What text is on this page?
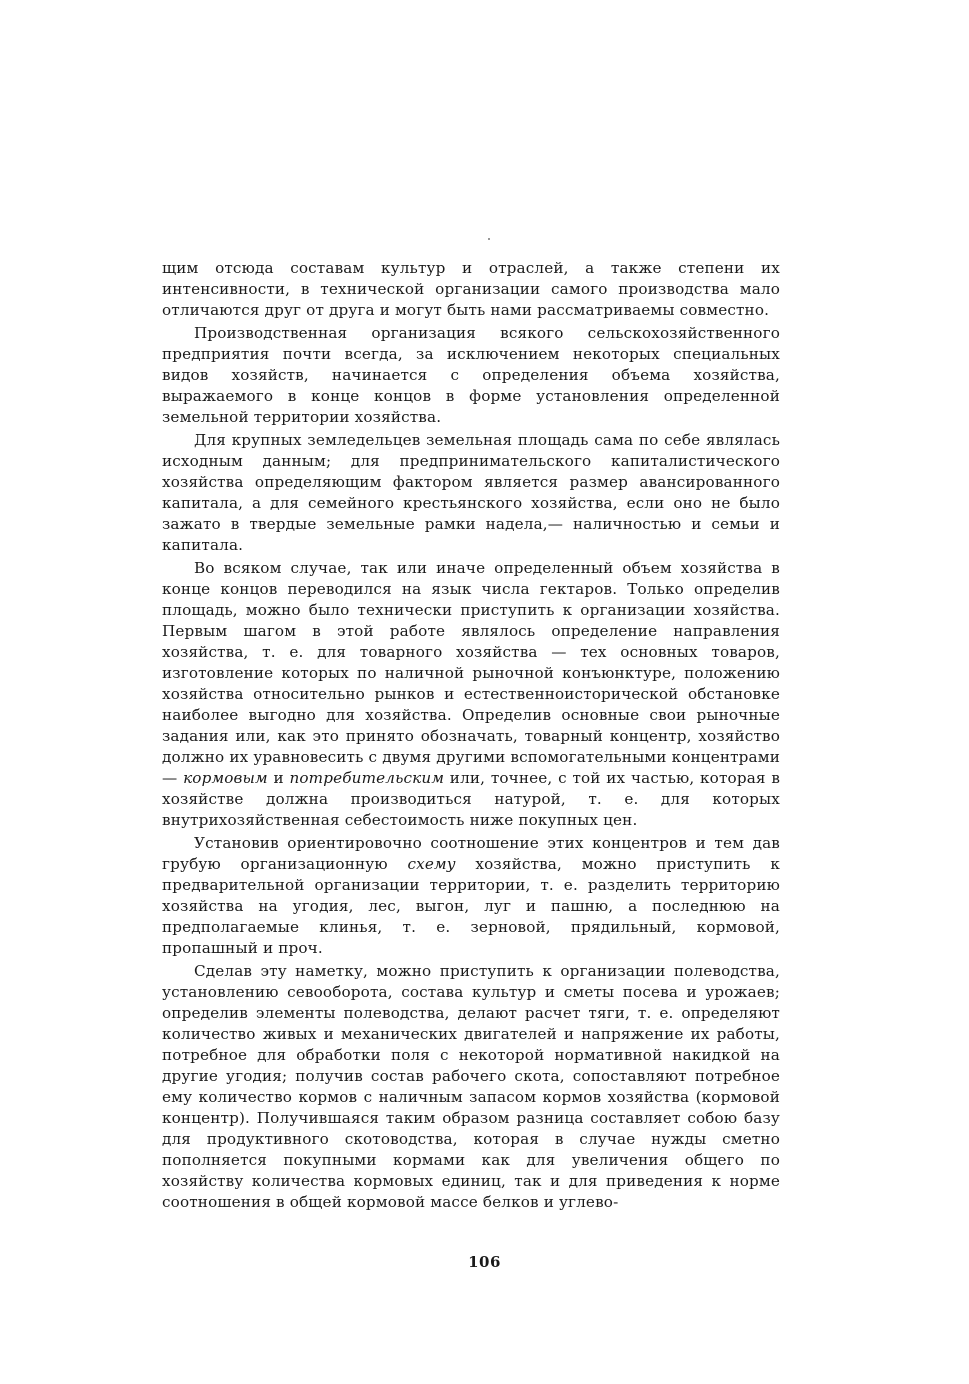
щим отсюда составам культур и отраслей, а также степени их интенсивности, в технической организации самого производства мало отличаются друг от друга и могут быть нами рассматриваемы совместно.

Производственная организация всякого сельскохозяйственного предприятия почти всегда, за исключением некоторых специальных видов хозяйств, начинается с определения объема хозяйства, выражаемого в конце концов в форме установления определенной земельной территории хозяйства.

Для крупных земледельцев земельная площадь сама по себе являлась исходным данным; для предпринимательского капиталистического хозяйства определяющим фактором является размер авансированного капитала, а для семейного крестьянского хозяйства, если оно не было зажато в твердые земельные рамки надела,— наличностью и семьи и капитала.

Во всяком случае, так или иначе определенный объем хозяйства в конце концов переводился на язык числа гектаров. Только определив площадь, можно было технически приступить к организации хозяйства. Первым шагом в этой работе являлось определение направления хозяйства, т. е. для товарного хозяйства — тех основных товаров, изготовление которых по наличной рыночной конъюнктуре, положению хозяйства относительно рынков и естественноисторической обстановке наиболее выгодно для хозяйства. Определив основные свои рыночные задания или, как это принято обозначать, товарный концентр, хозяйство должно их уравновесить с двумя другими вспомогательными концентрами — кормовым и потребительским или, точнее, с той их частью, которая в хозяйстве должна производиться натурой, т. е. для которых внутрихозяйственная себестоимость ниже покупных цен.

Установив ориентировочно соотношение этих концентров и тем дав грубую организационную схему хозяйства, можно приступить к предварительной организации территории, т. е. разделить территорию хозяйства на угодия, лес, выгон, луг и пашню, а последнюю на предполагаемые клинья, т. е. зерновой, прядильный, кормовой, пропашный и проч.

Сделав эту наметку, можно приступить к организации полеводства, установлению севооборота, состава культур и сметы посева и урожаев; определив элементы полеводства, делают расчет тяги, т. е. определяют количество живых и механических двигателей и напряжение их работы, потребное для обработки поля с некоторой нормативной накидкой на другие угодия; получив состав рабочего скота, сопоставляют потребное ему количество кормов с наличным запасом кормов хозяйства (кормовой концентр). Получившаяся таким образом разница составляет собою базу для продуктивного скотоводства, которая в случае нужды сметно пополняется покупными кормами как для увеличения общего по хозяйству количества кормовых единиц, так и для приведения к норме соотношения в общей кормовой массе белков и углево-

106
